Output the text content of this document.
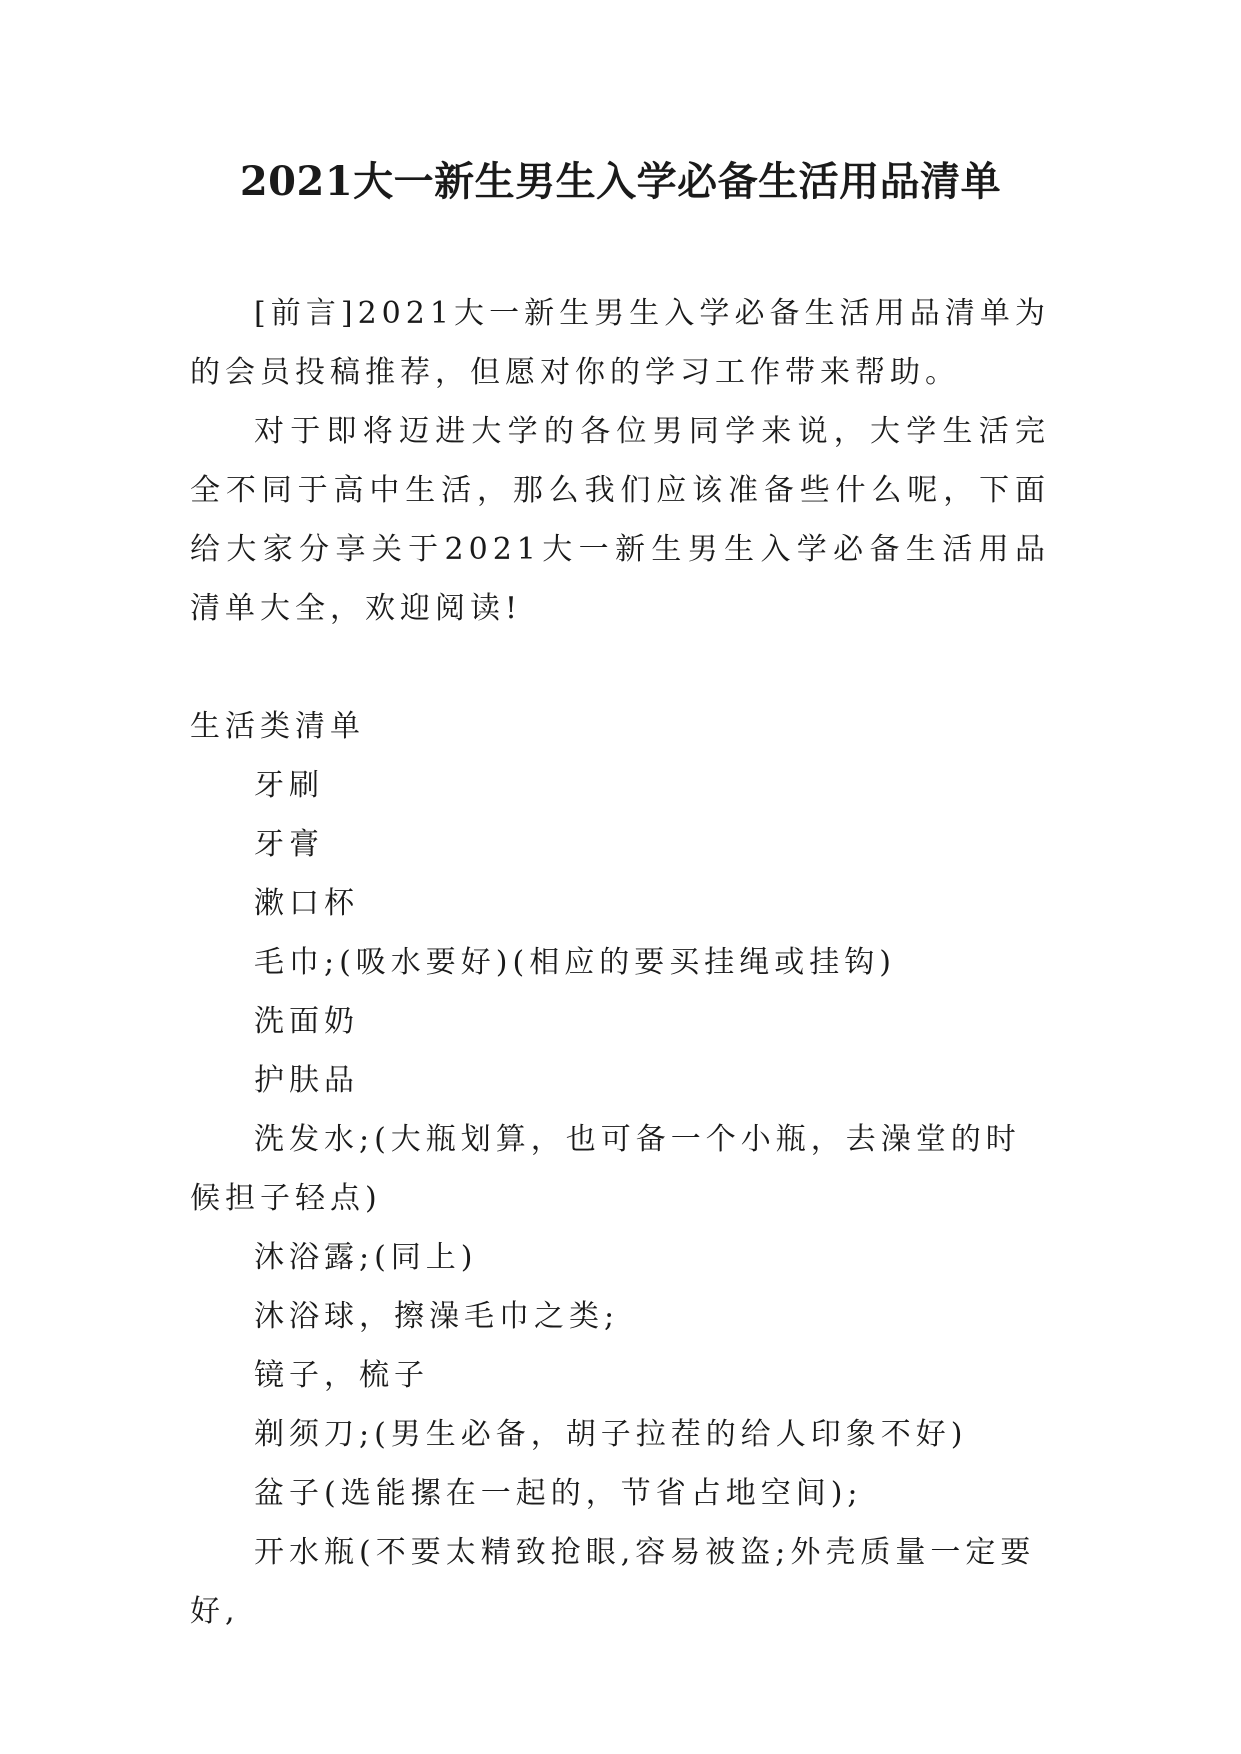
2021大一新生男生入学必备生活用品清单

[前言]2021大一新生男生入学必备生活用品清单为的会员投稿推荐，但愿对你的学习工作带来帮助。

对于即将迈进大学的各位男同学来说，大学生活完全不同于高中生活，那么我们应该准备些什么呢，下面给大家分享关于2021大一新生男生入学必备生活用品清单大全，欢迎阅读!

生活类清单

牙刷

牙膏

漱口杯

毛巾;(吸水要好)(相应的要买挂绳或挂钩)

洗面奶

护肤品

洗发水;(大瓶划算，也可备一个小瓶，去澡堂的时候担子轻点)

沐浴露;(同上)

沐浴球，擦澡毛巾之类;

镜子，梳子

剃须刀;(男生必备，胡子拉茬的给人印象不好)

盆子(选能摞在一起的，节省占地空间);

开水瓶(不要太精致抢眼,容易被盗;外壳质量一定要好,
